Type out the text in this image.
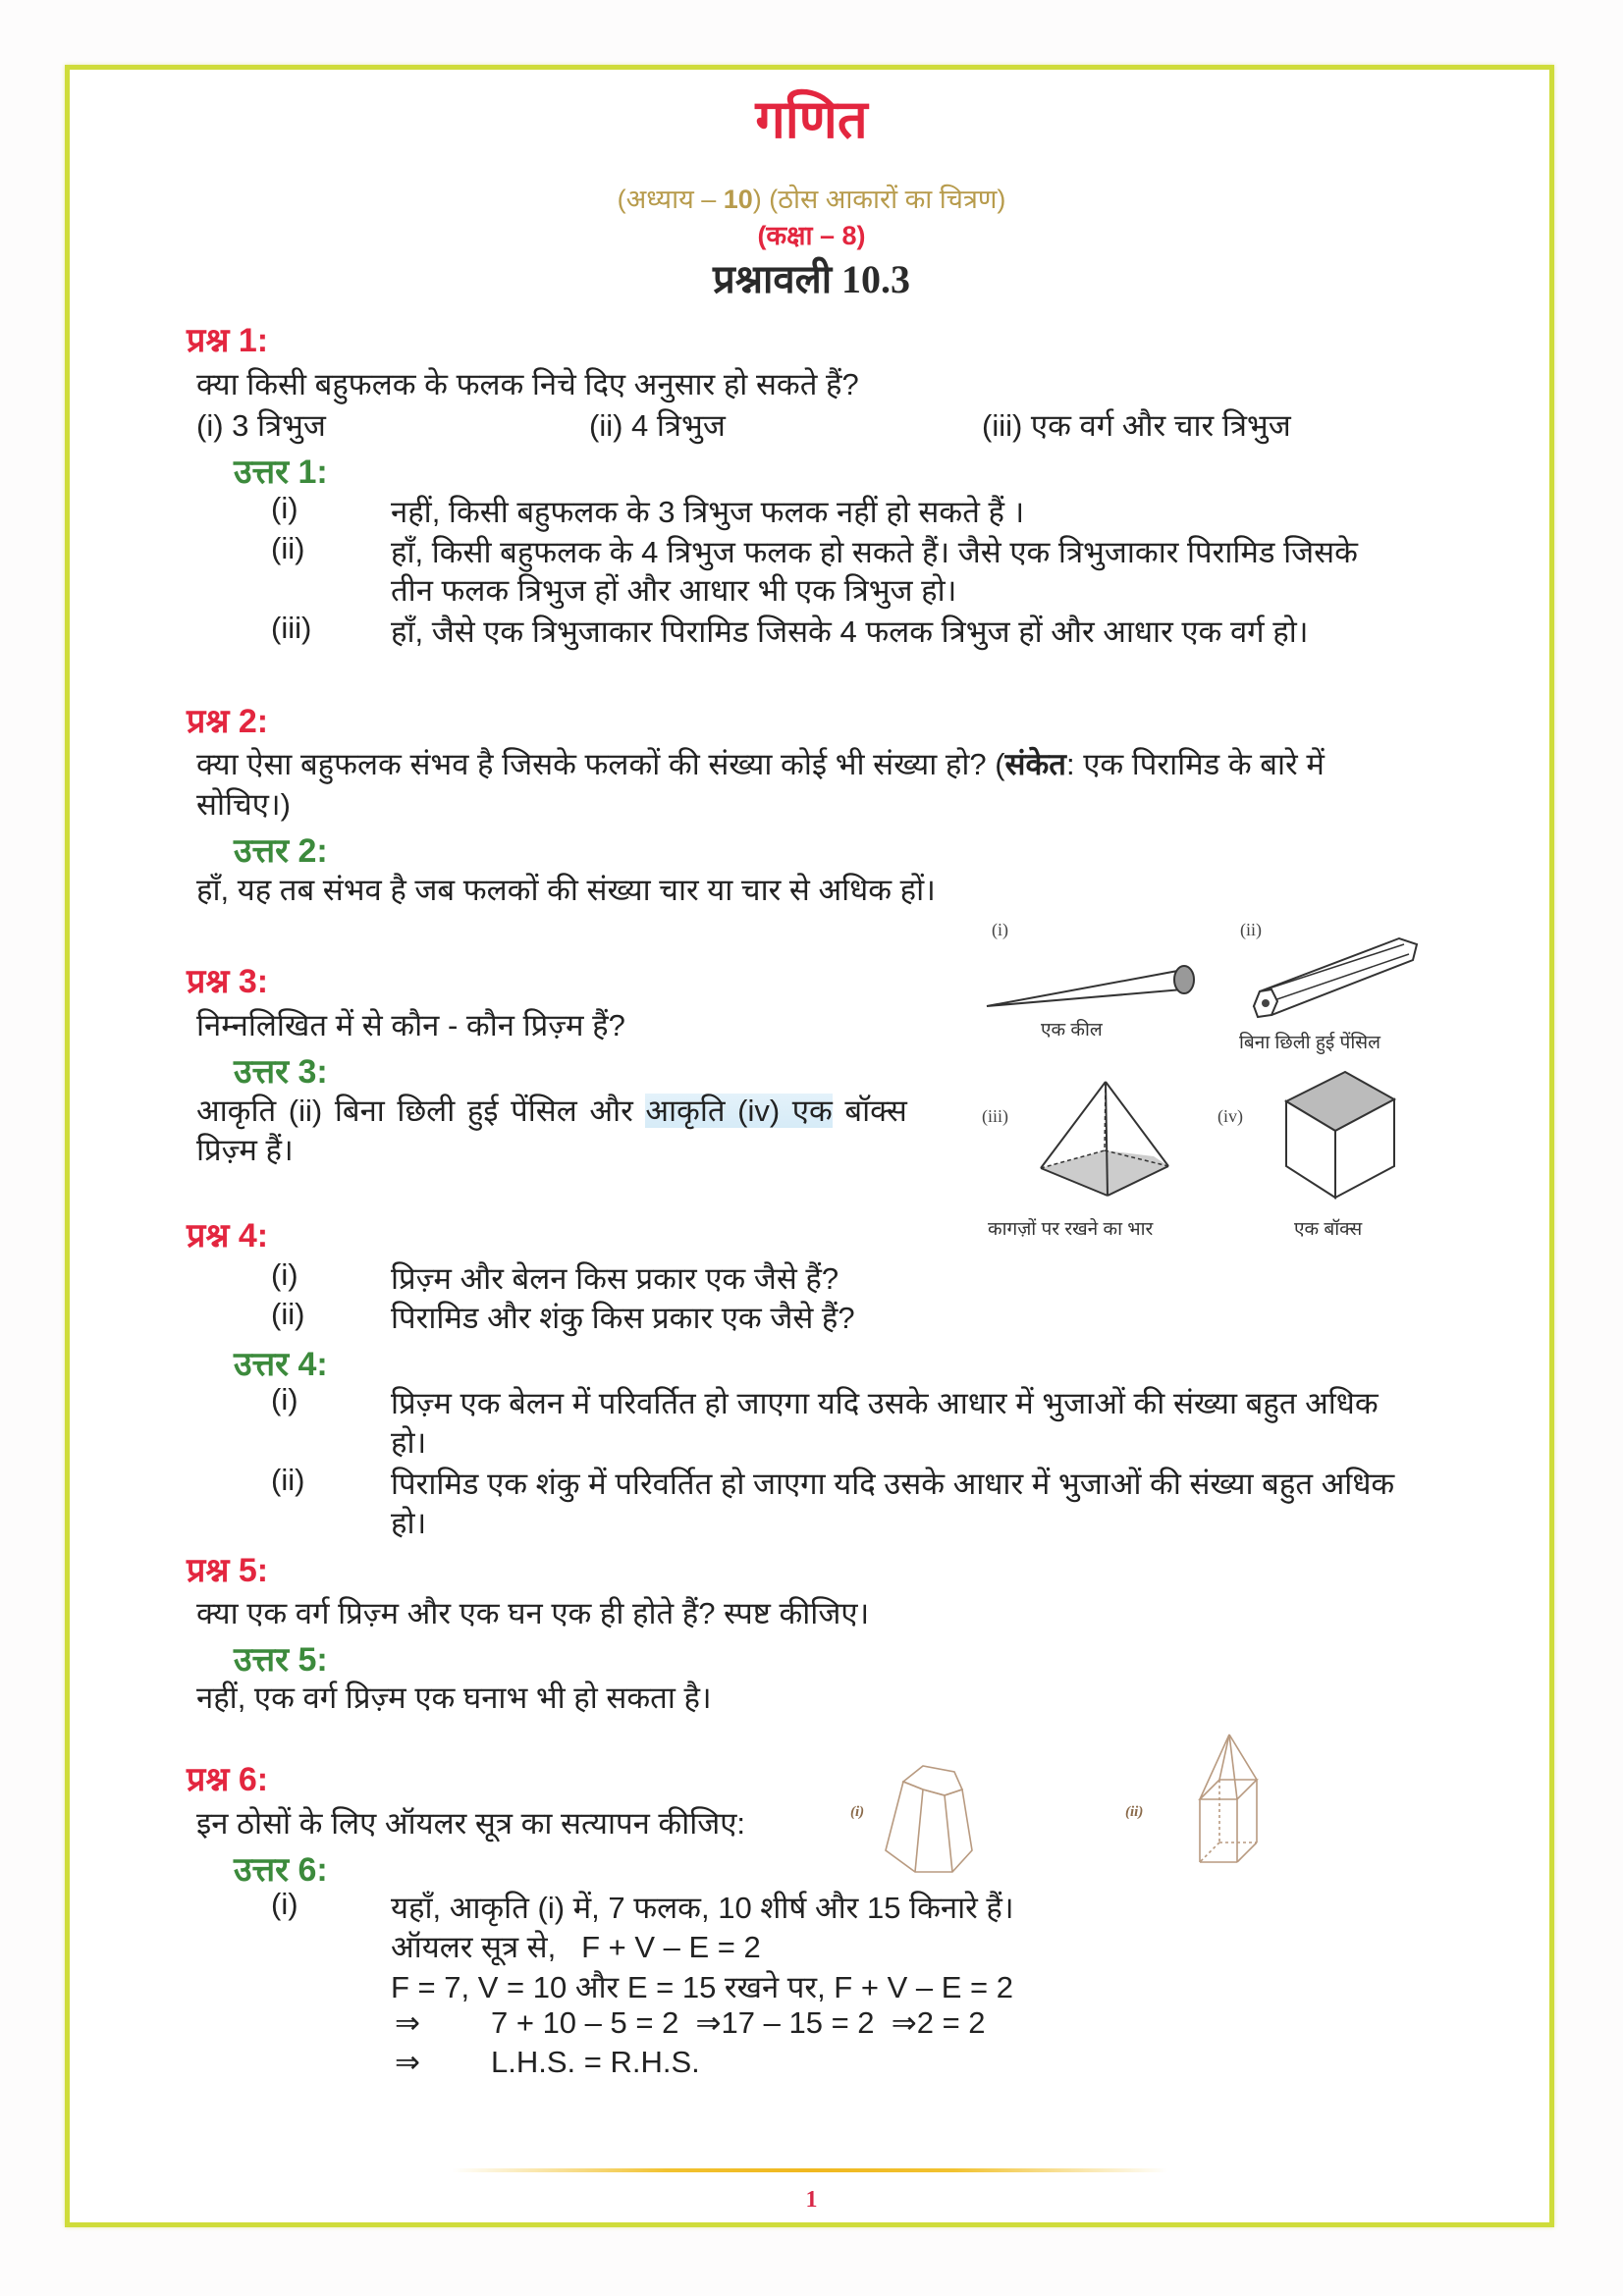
गणित
(अध्याय – 10) (ठोस आकारों का चित्रण)
(कक्षा – 8)
प्रश्नावली 10.3
प्रश्न 1:
क्या किसी बहुफलक के फलक निचे दिए अनुसार हो सकते हैं?
(i) 3 त्रिभुज	(ii) 4 त्रिभुज	(iii) एक वर्ग और चार त्रिभुज
उत्तर 1:
(i)	नहीं, किसी बहुफलक के 3 त्रिभुज फलक नहीं हो सकते हैं ।
(ii)	हाँ, किसी बहुफलक के 4 त्रिभुज फलक हो सकते हैं। जैसे एक त्रिभुजाकार पिरामिड जिसके
तीन फलक त्रिभुज हों और आधार भी एक त्रिभुज हो।
(iii)	हाँ, जैसे एक त्रिभुजाकार पिरामिड जिसके 4 फलक त्रिभुज हों और आधार एक वर्ग हो।
प्रश्न 2:
क्या ऐसा बहुफलक संभव है जिसके फलकों की संख्या कोई भी संख्या हो? (संकेत: एक पिरामिड के बारे में
सोचिए।)
उत्तर 2:
हाँ, यह तब संभव है जब फलकों की संख्या चार या चार से अधिक हों।
प्रश्न 3:
निम्नलिखित में से कौन - कौन प्रिज़्म हैं?
उत्तर 3:
आकृति (ii) बिना छिली हुई पेंसिल और आकृति (iv) एक बॉक्स
प्रिज़्म हैं।
(i)
एक कील
(ii)
बिना छिली हुई पेंसिल
(iii)
कागज़ों पर रखने का भार
(iv)
एक बॉक्स
प्रश्न 4:
(i)	प्रिज़्म और बेलन किस प्रकार एक जैसे हैं?
(ii)	पिरामिड और शंकु किस प्रकार एक जैसे हैं?
उत्तर 4:
(i)	प्रिज़्म एक बेलन में परिवर्तित हो जाएगा यदि उसके आधार में भुजाओं की संख्या बहुत अधिक
हो।
(ii)	पिरामिड एक शंकु में परिवर्तित हो जाएगा यदि उसके आधार में भुजाओं की संख्या बहुत अधिक
हो।
प्रश्न 5:
क्या एक वर्ग प्रिज़्म और एक घन एक ही होते हैं? स्पष्ट कीजिए।
उत्तर 5:
नहीं, एक वर्ग प्रिज़्म एक घनाभ भी हो सकता है।
प्रश्न 6:
इन ठोसों के लिए ऑयलर सूत्र का सत्यापन कीजिए:	(i)	(ii)
उत्तर 6:
(i)	यहाँ, आकृति (i) में, 7 फलक, 10 शीर्ष और 15 किनारे हैं।
ऑयलर सूत्र से,   F + V – E = 2
F = 7, V = 10 और E = 15 रखने पर, F + V – E = 2
⇒ 7 + 10 – 5 = 2  ⇒17 – 15 = 2  ⇒2 = 2
⇒ L.H.S. = R.H.S.
1
